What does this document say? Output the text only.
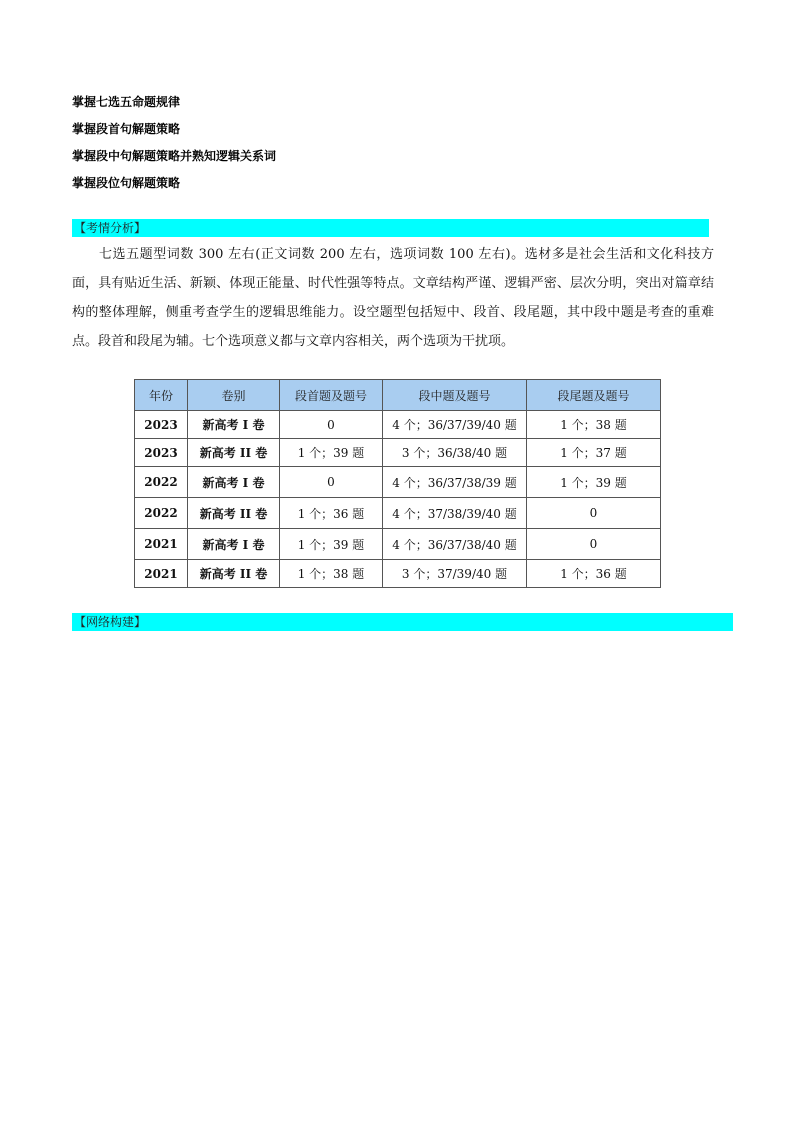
掌握七选五命题规律
掌握段首句解题策略
掌握段中句解题策略并熟知逻辑关系词
掌握段位句解题策略
【考情分析】
七选五题型词数 300 左右(正文词数 200 左右，选项词数 100 左右)。选材多是社会生活和文化科技方面，具有贴近生活、新颖、体现正能量、时代性强等特点。文章结构严谨、逻辑严密、层次分明，突出对篇章结构的整体理解，侧重考查学生的逻辑思维能力。设空题型包括短中、段首、段尾题，其中段中题是考查的重难点。段首和段尾为辅。七个选项意义都与文章内容相关，两个选项为干扰项。
年份	卷别	段首题及题号	段中题及题号	段尾题及题号
2023	新高考 I 卷	0	4 个；36/37/39/40 题	1 个；38 题
2023	新高考 II 卷	1 个；39 题	3 个；36/38/40 题	1 个；37 题
2022	新高考 I 卷	0	4 个；36/37/38/39 题	1 个；39 题
2022	新高考 II 卷	1 个；36 题	4 个；37/38/39/40 题	0
2021	新高考 I 卷	1 个；39 题	4 个；36/37/38/40 题	0
2021	新高考 II 卷	1 个；38 题	3 个；37/39/40 题	1 个；36 题
【网络构建】
